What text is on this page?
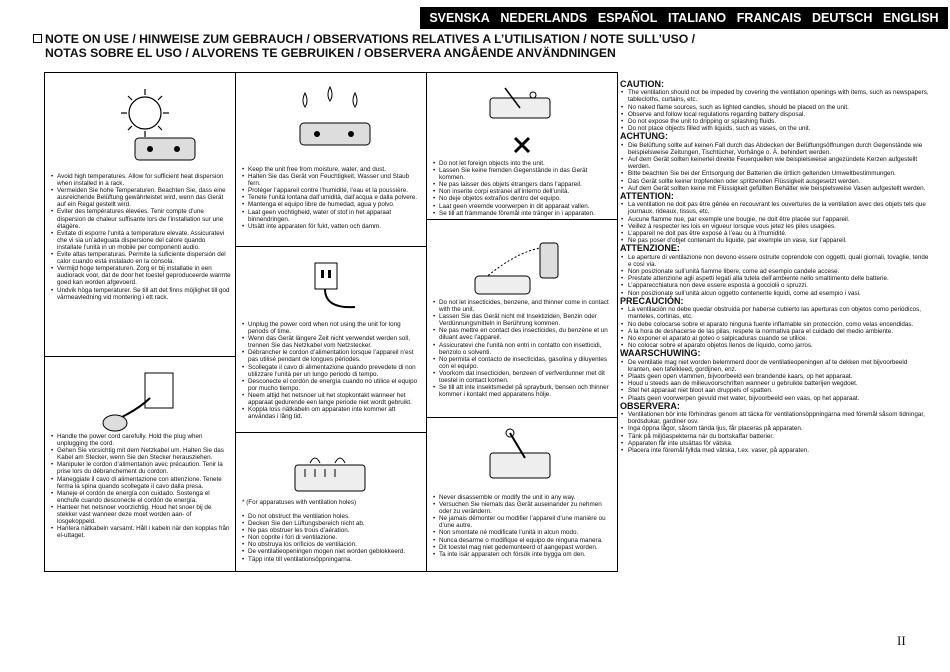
SVENSKA NEDERLANDS ESPAÑOL ITALIANO FRANCAIS DEUTSCH ENGLISH
NOTE ON USE / HINWEISE ZUM GEBRAUCH / OBSERVATIONS RELATIVES A L’UTILISATION / NOTE SULL’USO /
NOTAS SOBRE EL USO / ALVORENS TE GEBRUIKEN / OBSERVERA ANGÅENDE ANVÄNDNINGEN
• Avoid high temperatures. Allow for sufficient heat dispersion when installed in a rack.
• Vermeiden Sie hohe Temperaturen. Beachten Sie, dass eine ausreichende Belüftung gewährleistet wird, wenn das Gerät auf ein Regal gestellt wird.
• Eviter des températures élevées. Tenir compte d’une dispersion de chaleur suffisante lors de l’installation sur une étagère.
• Evitate di esporre l’unità a temperature elevate. Assicuratevi che vi sia un’adeguata dispersione del calore quando installate l’unità in un mobile per componenti audio.
• Evite altas temperaturas. Permite la suficiente dispersión del calor cuando está instalado en la consola.
• Vermijd hoge temperaturen. Zorg er bij installatie in een audiorack voor, dat de door het toestel geproduceerde warmte goed kan worden afgevoerd.
• Undvik höga temperaturer. Se till att det finns möjlighet till god värmeavledning vid montering i ett rack.
• Handle the power cord carefully. Hold the plug when unplugging the cord.
• Gehen Sie vorsichtig mit dem Netzkabel um. Halten Sie das Kabel am Stecker, wenn Sie den Stecker herausziehen.
• Manipuler le cordon d’alimentation avec précaution. Tenir la prise lors du débranchement du cordon.
• Maneggiate il cavo di alimentazione con attenzione. Tenete ferma la spina quando scollegate il cavo dalla presa.
• Maneje el cordón de energía con cuidado. Sostenga el enchufe cuando desconecte el cordón de energía.
• Hanteer het netsnoer voorzichtig. Houd het snoer bij de stekker vast wanneer deze moet worden aan- of losgekoppeld.
• Hantera nätkabeln varsamt. Håll i kabeln när den kopplas från el-uttaget.
• Keep the unit free from moisture, water, and dust.
• Halten Sie das Gerät von Feuchtigkeit, Wasser und Staub fern.
• Protéger l’appareil contre l’humidité, l’eau et la poussière.
• Tenete l’unità lontana dall’umidità, dall’acqua e dalla polvere.
• Mantenga el equipo libre de humedad, agua y polvo.
• Laat geen vochtigheid, water of stof in het apparaat binnendringen.
• Utsätt inte apparaten för fukt, vatten och damm.
• Unplug the power cord when not using the unit for long periods of time.
• Wenn das Gerät längere Zeit nicht verwendet werden soll, trennen Sie das Netzkabel vom Netzstecker.
• Débrancher le cordon d’alimentation lorsque l’appareil n’est pas utilisé pendant de longues périodes.
• Scollegate il cavo di alimentazione quando prevedete di non utilizzare l’unità per un lungo periodo di tempo.
• Desconecte el cordón de energía cuando no utilice el equipo por mucho tiempo.
• Neem altijd het netsnoer uit het stopkontakt wanneer het apparaat gedurende een lange periode niet wordt gebruikt.
• Koppla loss nätkabeln om apparaten inte kommer att användas i lång tid.
* (For apparatuses with ventilation holes)
• Do not obstruct the ventilation holes.
• Decken Sie den Lüftungsbereich nicht ab.
• Ne pas obstruer les trous d’aération.
• Non coprite i fori di ventilazione.
• No obstruya los orificios de ventilación.
• De ventilatieopeningen mogen niet worden geblokkeerd.
• Täpp inte till ventilationsöppningarna.
• Do not let foreign objects into the unit.
• Lassen Sie keine fremden Gegenstände in das Gerät kommen.
• Ne pas laisser des objets étrangers dans l’appareil.
• Non inserite corpi estranei all’interno dell’unità.
• No deje objetos extraños dentro del equipo.
• Laat geen vreemde voorwerpen in dit apparaat vallen.
• Se till att främmande föremål inte tränger in i apparaten.
• Do not let insecticides, benzene, and thinner come in contact with the unit.
• Lassen Sie das Gerät nicht mit Insektiziden, Benzin oder Verdünnungsmitteln in Berührung kommen.
• Ne pas mettre en contact des insecticides, du benzène et un diluant avec l’appareil.
• Assicuratevi che l’unità non entri in contatto con insetticidi, benzolo o solventi.
• No permita el contacto de insecticidas, gasolina y diluyentes con el equipo.
• Voorkom dat insecticiden, benzeen of verfverdunner met dit toestel in contact komen.
• Se till att inte insektsmedel på sprayburk, bensen och thinner kommer i kontakt med apparatens hölje.
• Never disassemble or modify the unit in any way.
• Versuchen Sie niemals das Gerät auseinander zu nehmen oder zu verändern.
• Ne jamais démonter ou modifier l’appareil d’une manière ou d’une autre.
• Non smontate né modificate l’unità in alcun modo.
• Nunca desarme o modifique el equipo de ninguna manera.
• Dit toestel mag niet gedemonteerd of aangepast worden.
• Ta inte isär apparaten och försök inte bygga om den.
CAUTION:
• The ventilation should not be impeded by covering the ventilation openings with items, such as newspapers, tablecloths, curtains, etc.
• No naked flame sources, such as lighted candles, should be placed on the unit.
• Observe and follow local regulations regarding battery disposal.
• Do not expose the unit to dripping or splashing fluids.
• Do not place objects filled with liquids, such as vases, on the unit.
ACHTUNG:
• Die Belüftung sollte auf keinen Fall durch das Abdecken der Belüftungsöffnungen durch Gegenstände wie beispielsweise Zeitungen, Tischtücher, Vorhänge o. Ä. behindert werden.
• Auf dem Gerät sollten keinerlei direkte Feuerquellen wie beispielsweise angezündete Kerzen aufgestellt werden.
• Bitte beachten Sie bei der Entsorgung der Batterien die örtlich geltenden Umweltbestimmungen.
• Das Gerät sollte keiner tropfenden oder spritzenden Flüssigkeit ausgesetzt werden.
• Auf dem Gerät sollten keine mit Flüssigkeit gefüllten Behälter wie beispielsweise Vasen aufgestellt werden.
ATTENTION:
• La ventilation ne doit pas être gênée en recouvrant les ouvertures de la ventilation avec des objets tels que journaux, rideaux, tissus, etc.
• Aucune flamme nue, par exemple une bougie, ne doit être placée sur l’appareil.
• Veillez à respecter les lois en vigueur lorsque vous jetez les piles usagées.
• L’appareil ne doit pas être exposé à l’eau ou à l’humidité.
• Ne pas poser d’objet contenant du liquide, par exemple un vase, sur l’appareil.
ATTENZIONE:
• Le aperture di ventilazione non devono essere ostruite coprendole con oggetti, quali giornali, tovaglie, tende e così via.
• Non posizionate sull’unità fiamme libere, come ad esempio candele accese.
• Prestate attenzione agli aspetti legati alla tutela dell’ambiente nello smaltimento delle batterie.
• L’apparecchiatura non deve essere esposta a gocciolii o spruzzi.
• Non posizionate sull’unità alcun oggetto contenente liquidi, come ad esempio i vasi.
PRECAUCIÓN:
• La ventilación no debe quedar obstruida por haberse cubierto las aperturas con objetos como periódicos, manteles, cortinas, etc.
• No debe colocarse sobre el aparato ninguna fuente inflamable sin protección, como velas encendidas.
• A la hora de deshacerse de las pilas, respete la normativa para el cuidado del medio ambiente.
• No exponer el aparato al goteo o salpicaduras cuando se utilice.
• No colocar sobre el aparato objetos llenos de líquido, como jarros.
WAARSCHUWING:
• De ventilatie mag niet worden belemmerd door de ventilatieopeningen af te dekken met bijvoorbeeld kranten, een tafelkleed, gordijnen, enz.
• Plaats geen open vlammen, bijvoorbeeld een brandende kaars, op het apparaat.
• Houd u steeds aan de milieuvoorschriften wanneer u gebruikte batterijen wegdoet.
• Stel het apparaat niet bloot aan druppels of spatten.
• Plaats geen voorwerpen gevuld met water, bijvoorbeeld een vaas, op het apparaat.
OBSERVERA:
• Ventilationen bör inte förhindras genom att täcka för ventilationsöppningarna med föremål såsom tidningar, bordsdukar, gardiner osv.
• Inga öppna lågor, såsom tända ljus, får placeras på apparaten.
• Tänk på miljöaspekterna när du bortskaffar batterier.
• Apparaten får inte utsättas för vätska.
• Placera inte föremål fyllda med vätska, t.ex. vaser, på apparaten.
II
